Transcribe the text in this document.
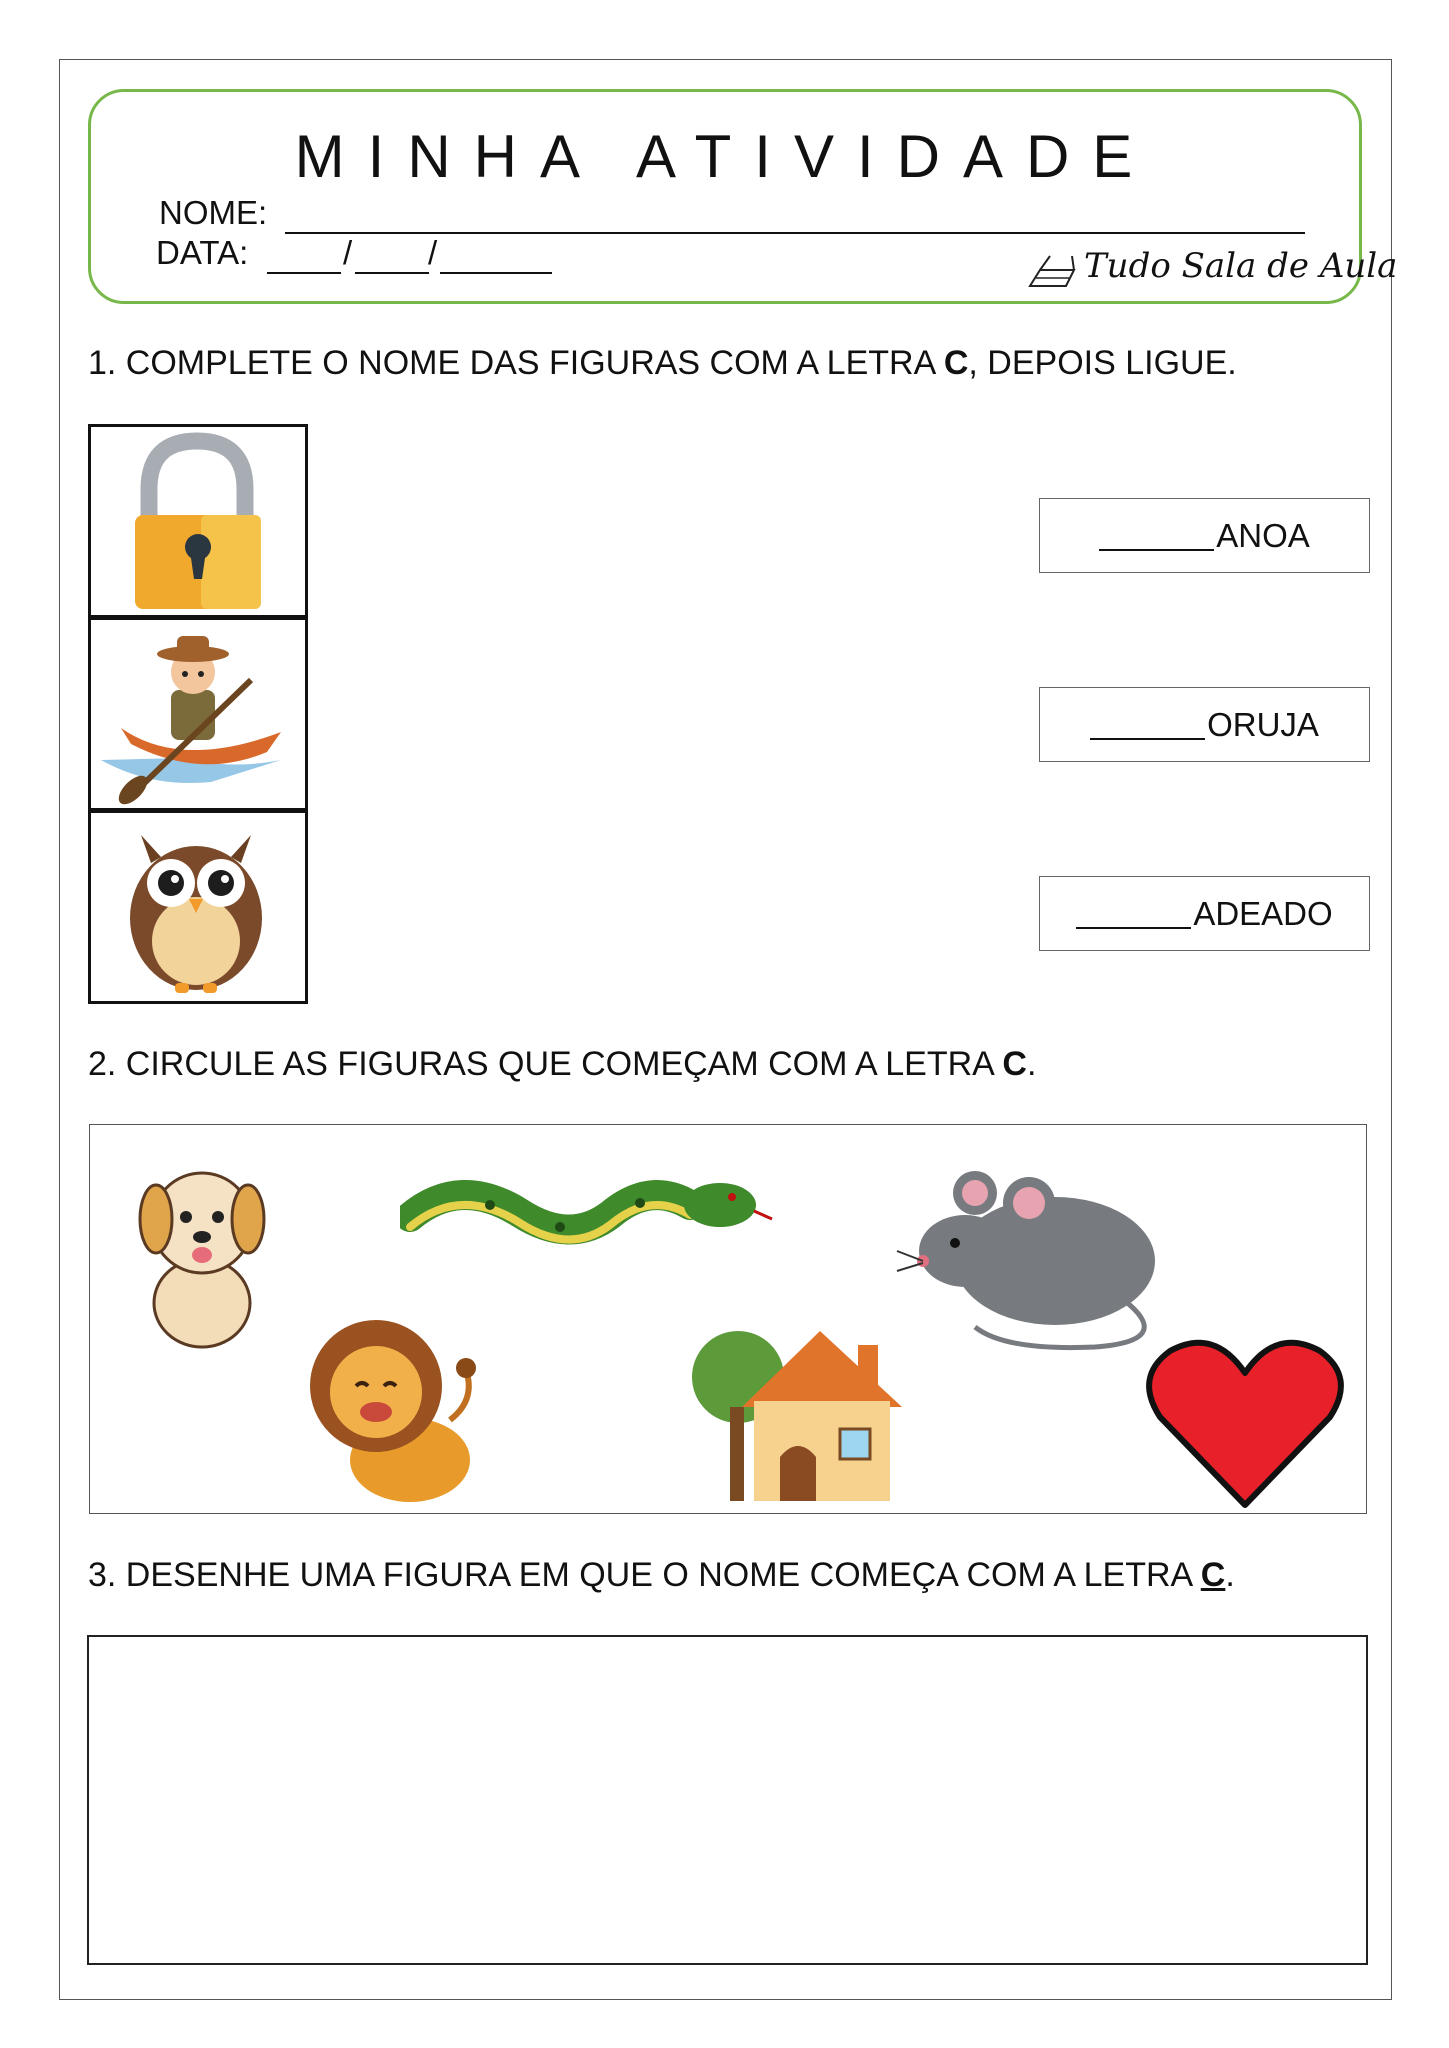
MINHA ATIVIDADE
NOME:
DATA:	/ /	Tudo Sala de Aula
1. COMPLETE O NOME DAS FIGURAS COM A LETRA C, DEPOIS LIGUE.
ANOA
ORUJA
ADEADO
2. CIRCULE AS FIGURAS QUE COMEÇAM COM A LETRA C.
3. DESENHE UMA FIGURA EM QUE O NOME COMEÇA COM A LETRA C.
